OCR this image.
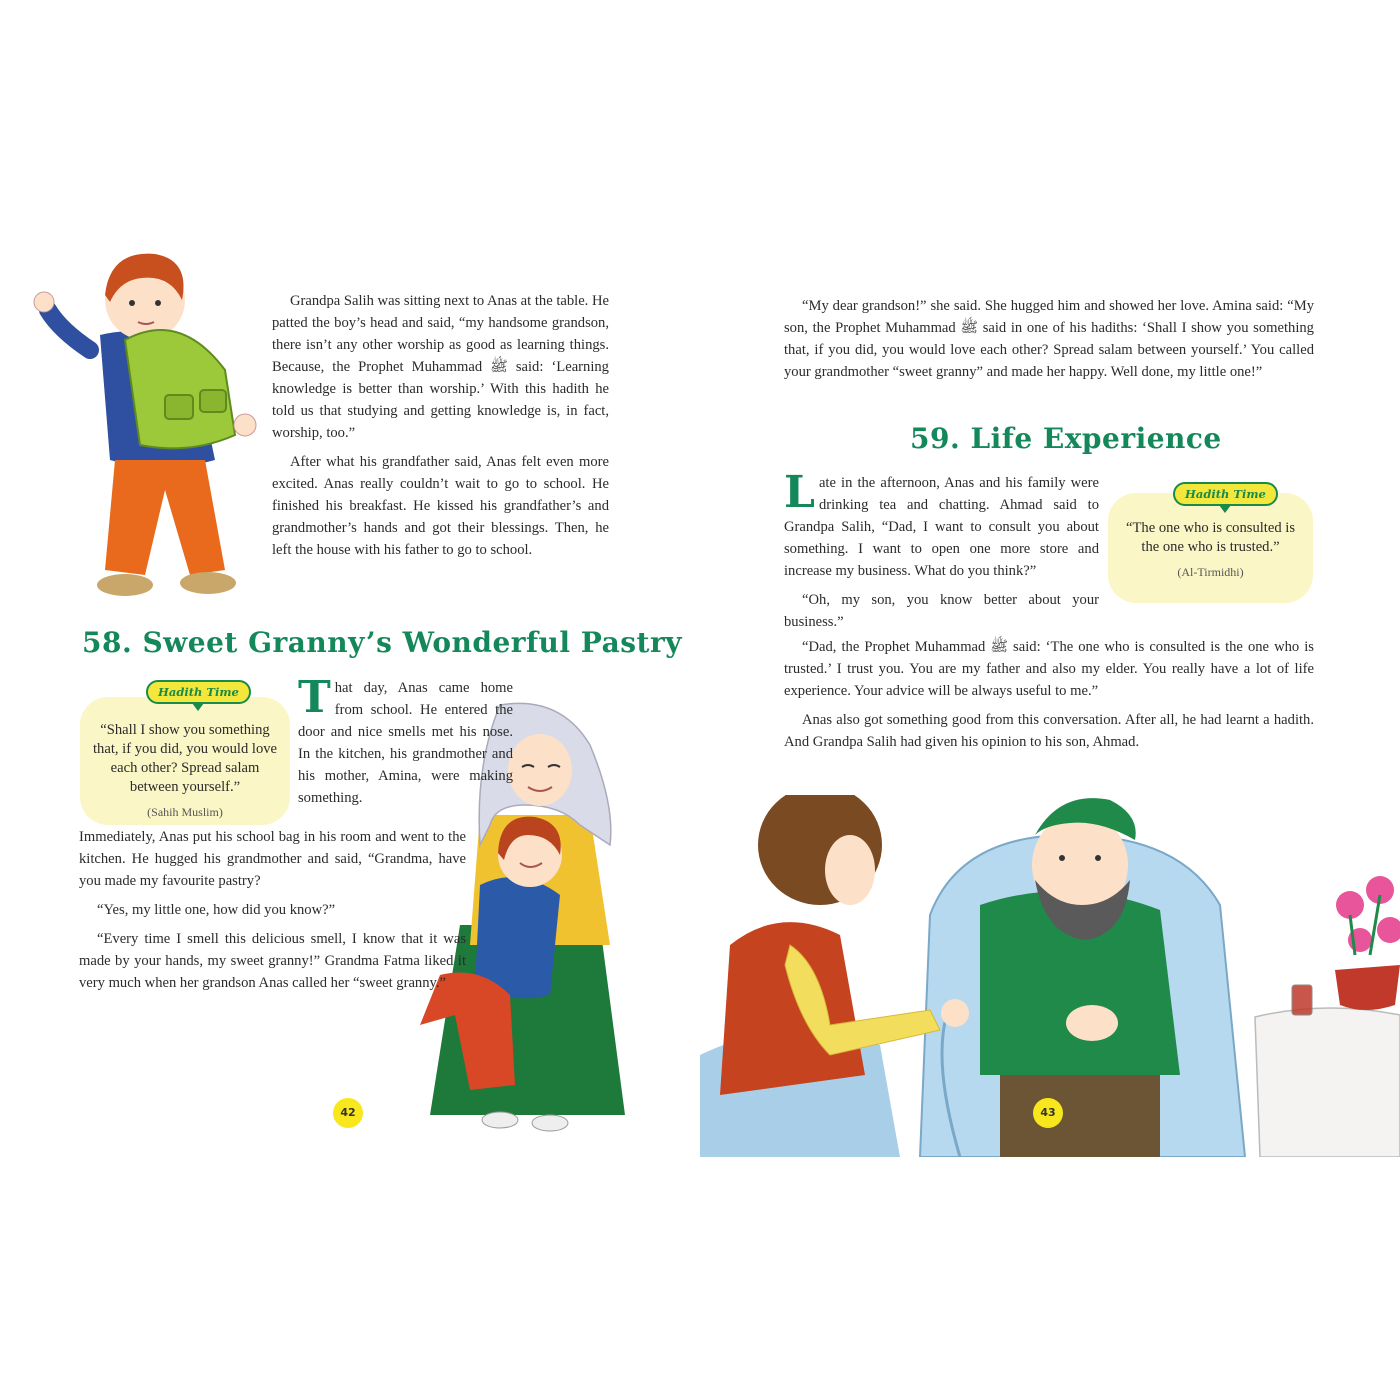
Grandpa Salih was sitting next to Anas at the table. He patted the boy’s head and said, “my handsome grandson, there isn’t any other worship as good as learning things. Because, the Prophet Muhammad ﷺ said: ‘Learning knowledge is better than worship.’ With this hadith he told us that studying and getting knowledge is, in fact, worship, too.”

After what his grandfather said, Anas felt even more excited. Anas really couldn’t wait to go to school. He finished his breakfast. He kissed his grandfather’s and grandmother’s hands and got their blessings. Then, he left the house with his father to go to school.

58. Sweet Granny’s Wonderful Pastry
“Shall I show you something that, if you did, you would love each other? Spread salam between yourself.”
(Sahih Muslim)
Hadith Time That day, Anas came home from school. He entered the door and nice smells met his nose. In the kitchen, his grandmother and his mother, Amina, were making something.

Immediately, Anas put his school bag in his room and went to the kitchen. He hugged his grandmother and said, “Grandma, have you made my favourite pastry?

“Yes, my little one, how did you know?”

“Every time I smell this delicious smell, I know that it was made by your hands, my sweet granny!” Grandma Fatma liked it very much when her grandson Anas called her “sweet granny.”

42

“My dear grandson!” she said. She hugged him and showed her love. Amina said: “My son, the Prophet Muhammad ﷺ said in one of his hadiths: ‘Shall I show you something that, if you did, you would love each other? Spread salam between yourself.’ You called your grandmother “sweet granny” and made her happy. Well done, my little one!”

59. Life Experience

Late in the afternoon, Anas and his family were drinking tea and chatting. Ahmad said to Grandpa Salih, “Dad, I want to consult you about something. I want to open one more store and increase my business. What do you think?”

“Oh, my son, you know better about your business.”

“The one who is consulted is the one who is trusted.”
(Al-Tirmidhi)
Hadith Time

“Dad, the Prophet Muhammad ﷺ said: ‘The one who is consulted is the one who is trusted.’ I trust you. You are my father and also my elder. You really have a lot of life experience. Your advice will be always useful to me.”

Anas also got something good from this conversation. After all, he had learnt a hadith. And Grandpa Salih had given his opinion to his son, Ahmad.

43
